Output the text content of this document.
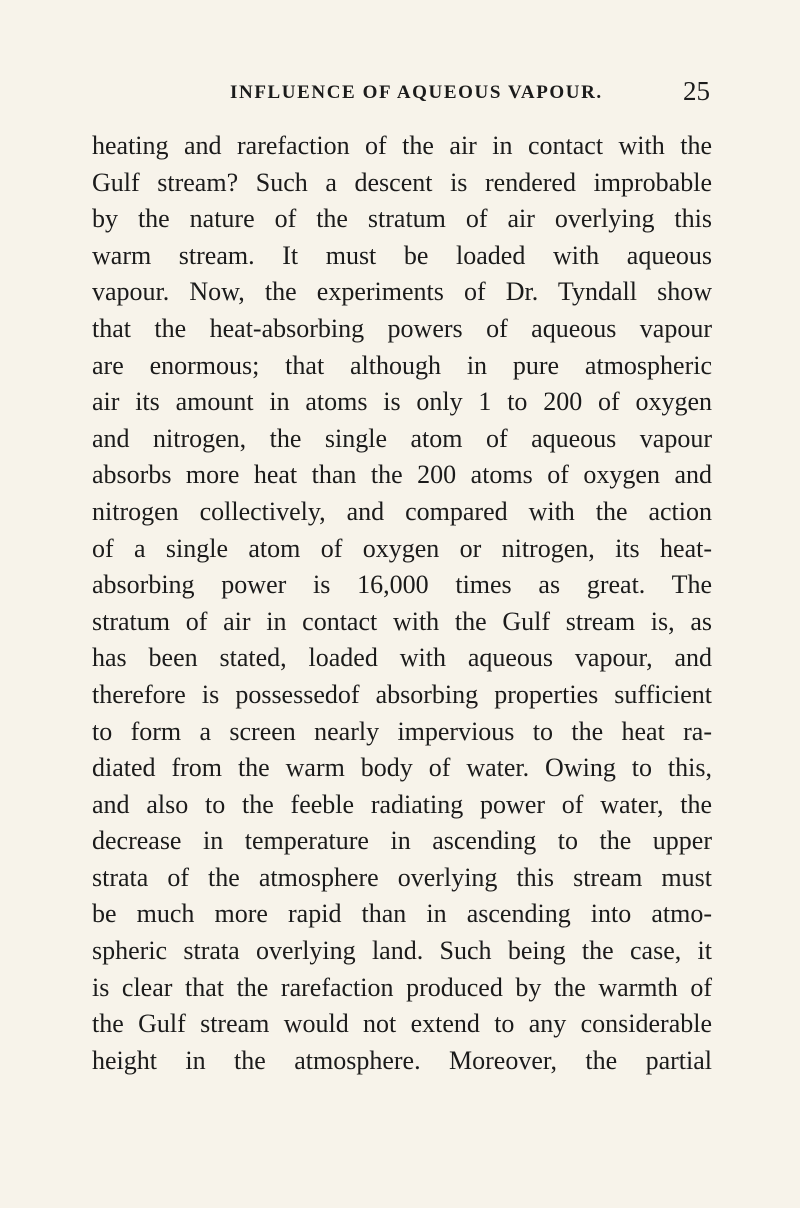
INFLUENCE OF AQUEOUS VAPOUR.	25
heating and rarefaction of the air in contact with the
Gulf stream? Such a descent is rendered improbable
by the nature of the stratum of air overlying this
warm stream. It must be loaded with aqueous
vapour. Now, the experiments of Dr. Tyndall show
that the heat-absorbing powers of aqueous vapour
are enormous; that although in pure atmospheric
air its amount in atoms is only 1 to 200 of oxygen
and nitrogen, the single atom of aqueous vapour
absorbs more heat than the 200 atoms of oxygen and
nitrogen collectively, and compared with the action
of a single atom of oxygen or nitrogen, its heat-
absorbing power is 16,000 times as great. The
stratum of air in contact with the Gulf stream is, as
has been stated, loaded with aqueous vapour, and
therefore is possessedof absorbing properties sufficient
to form a screen nearly impervious to the heat ra-
diated from the warm body of water. Owing to this,
and also to the feeble radiating power of water, the
decrease in temperature in ascending to the upper
strata of the atmosphere overlying this stream must
be much more rapid than in ascending into atmo-
spheric strata overlying land. Such being the case, it
is clear that the rarefaction produced by the warmth of
the Gulf stream would not extend to any considerable
height in the atmosphere. Moreover, the partial
